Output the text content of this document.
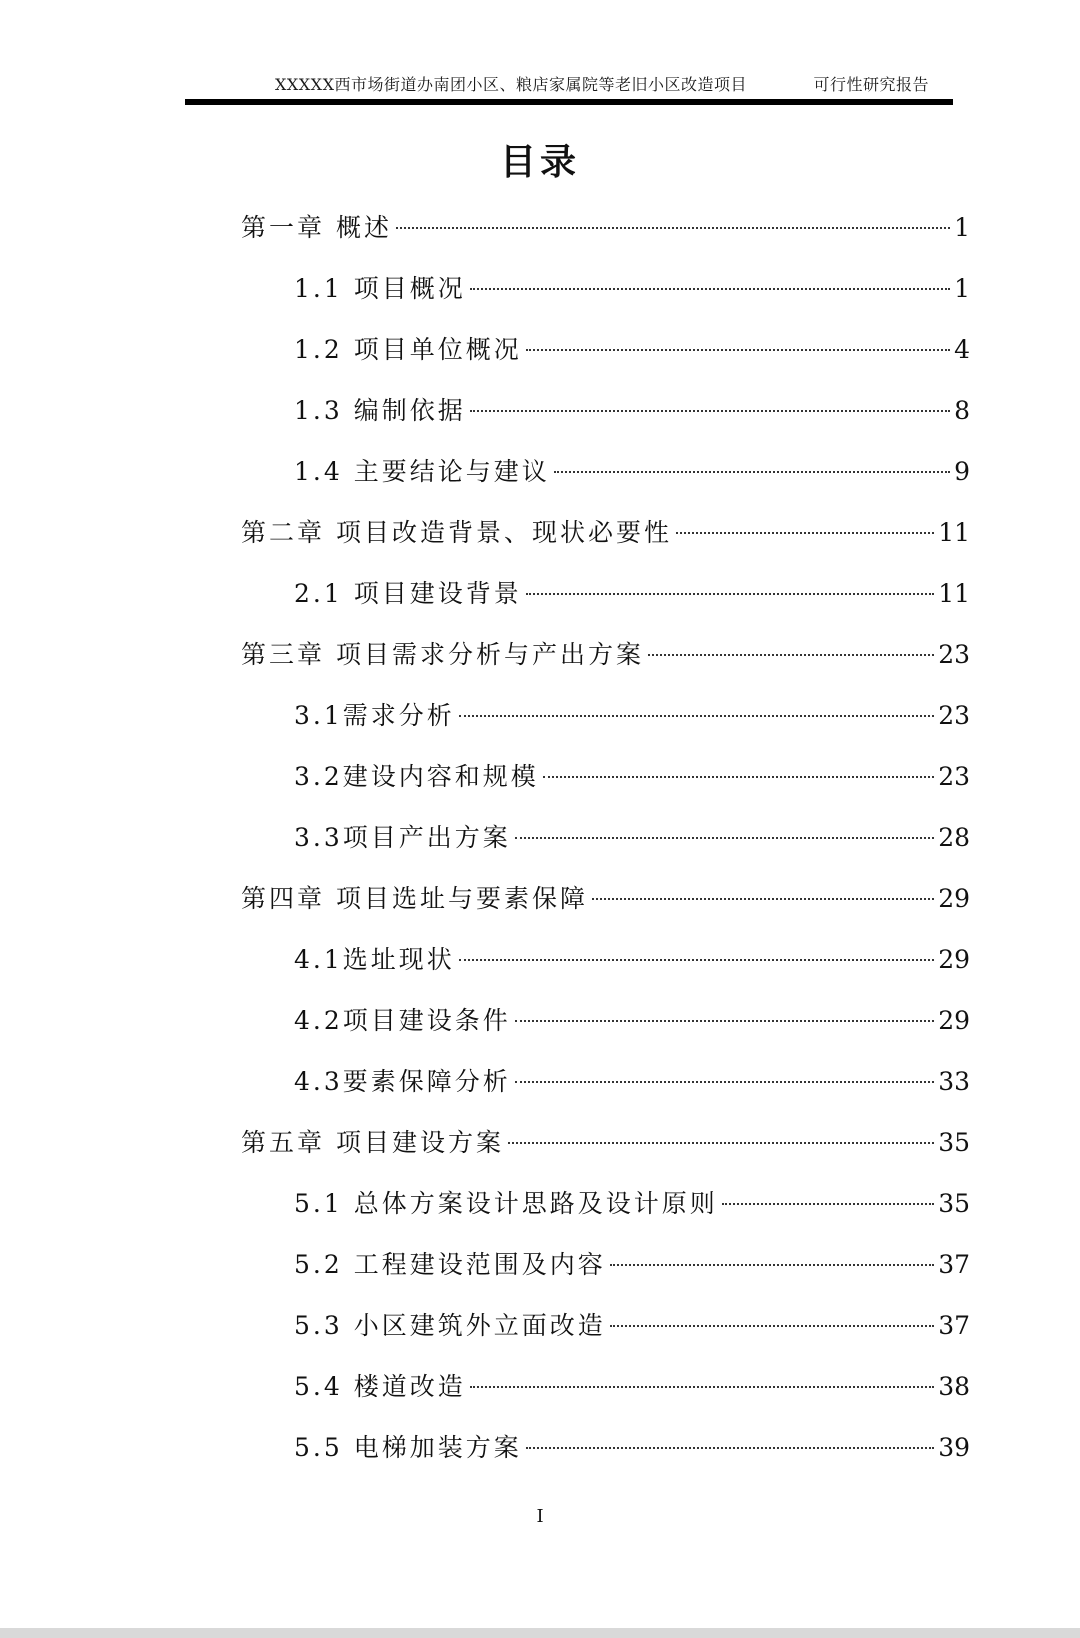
XXXXX西市场街道办南团小区、粮店家属院等老旧小区改造项目	可行性研究报告
目录
第一章 概述	1
1.1 项目概况	1
1.2 项目单位概况	4
1.3 编制依据	8
1.4 主要结论与建议	9
第二章 项目改造背景、现状必要性	11
2.1 项目建设背景	11
第三章 项目需求分析与产出方案	23
3.1需求分析	23
3.2建设内容和规模	23
3.3项目产出方案	28
第四章 项目选址与要素保障	29
4.1选址现状	29
4.2项目建设条件	29
4.3要素保障分析	33
第五章 项目建设方案	35
5.1 总体方案设计思路及设计原则	35
5.2 工程建设范围及内容	37
5.3 小区建筑外立面改造	37
5.4 楼道改造	38
5.5 电梯加装方案	39
I
